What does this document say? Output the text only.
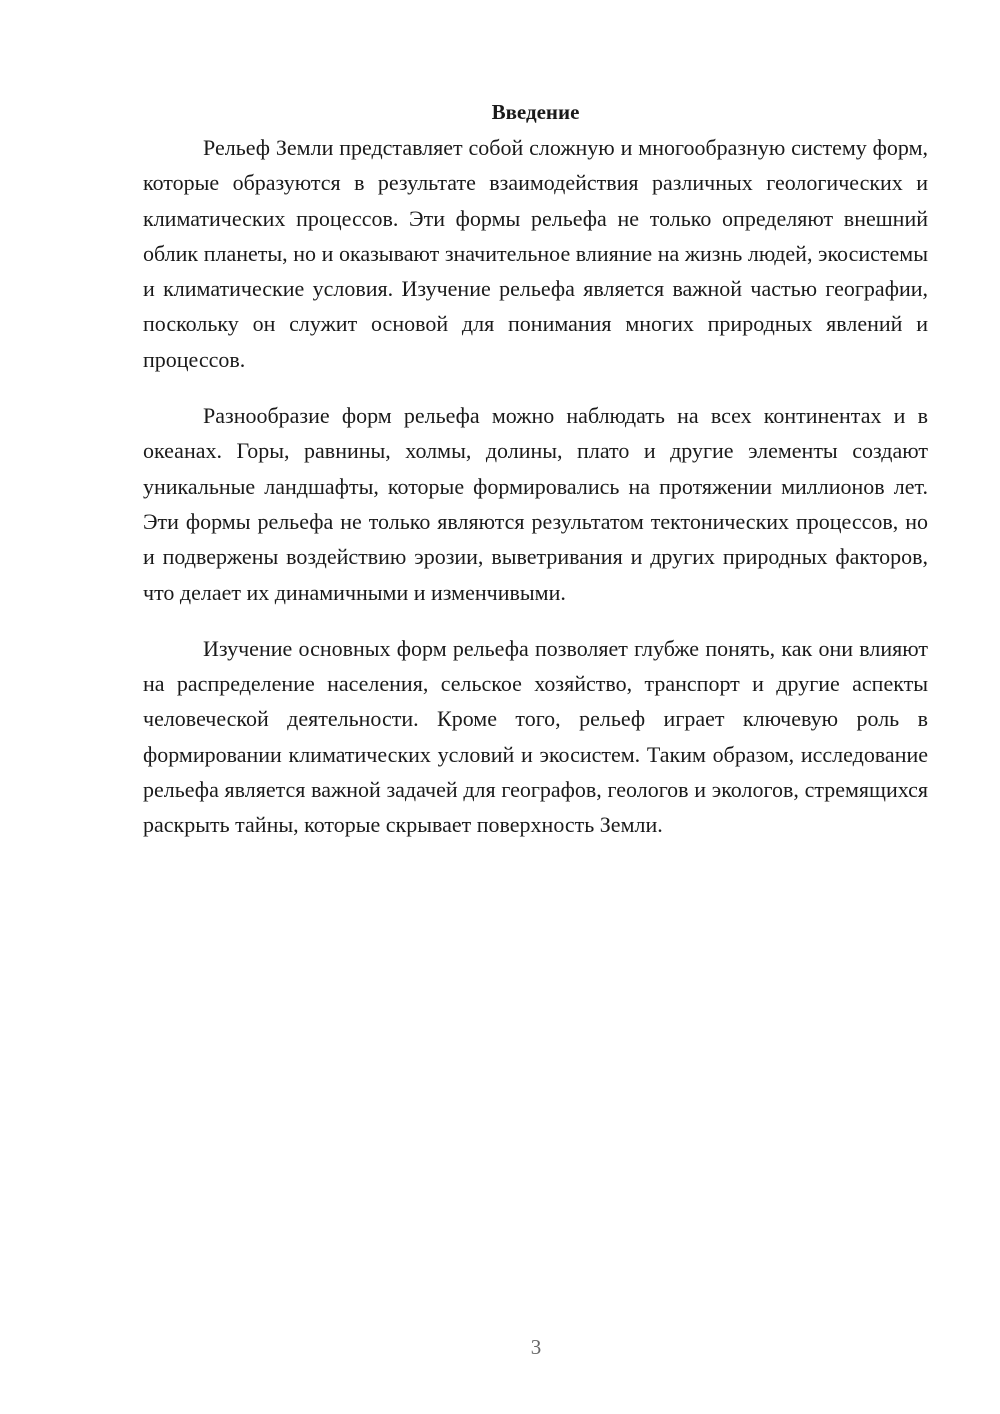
Введение

Рельеф Земли представляет собой сложную и многообразную систему форм, которые образуются в результате взаимодействия различных геологических и климатических процессов. Эти формы рельефа не только определяют внешний облик планеты, но и оказывают значительное влияние на жизнь людей, экосистемы и климатические условия. Изучение рельефа является важной частью географии, поскольку он служит основой для понимания многих природных явлений и процессов.

Разнообразие форм рельефа можно наблюдать на всех континентах и в океанах. Горы, равнины, холмы, долины, плато и другие элементы создают уникальные ландшафты, которые формировались на протяжении миллионов лет. Эти формы рельефа не только являются результатом тектонических процессов, но и подвержены воздействию эрозии, выветривания и других природных факторов, что делает их динамичными и изменчивыми.

Изучение основных форм рельефа позволяет глубже понять, как они влияют на распределение населения, сельское хозяйство, транспорт и другие аспекты человеческой деятельности. Кроме того, рельеф играет ключевую роль в формировании климатических условий и экосистем. Таким образом, исследование рельефа является важной задачей для географов, геологов и экологов, стремящихся раскрыть тайны, которые скрывает поверхность Земли.

3
